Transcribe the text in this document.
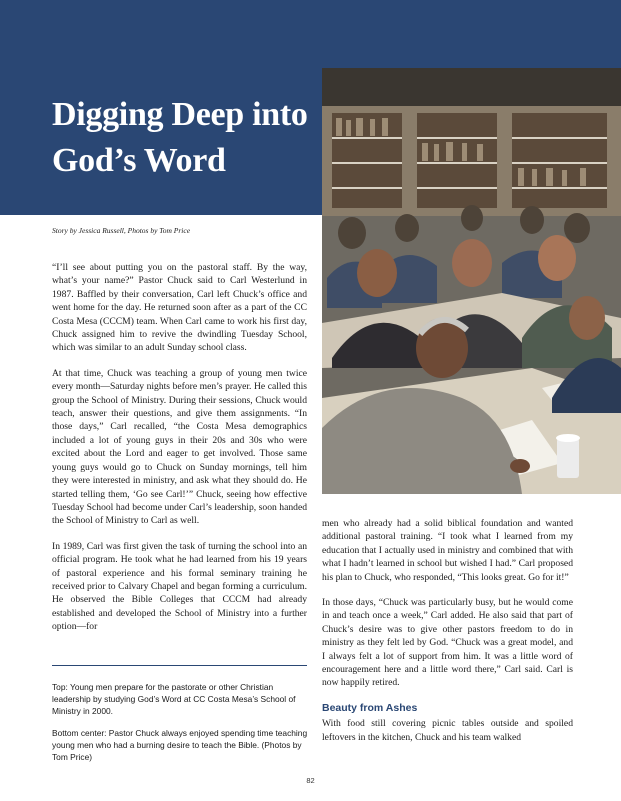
Digging Deep into God’s Word

Story by Jessica Russell, Photos by Tom Price

“I’ll see about putting you on the pastoral staff. By the way, what’s your name?” Pastor Chuck said to Carl Westerlund in 1987. Baffled by their conversation, Carl left Chuck’s office and went home for the day. He returned soon after as a part of the CC Costa Mesa (CCCM) team. When Carl came to work his first day, Chuck assigned him to revive the dwindling Tuesday School, which was similar to an adult Sunday school class.

At that time, Chuck was teaching a group of young men twice every month—Saturday nights before men’s prayer. He called this group the School of Ministry. During their sessions, Chuck would teach, answer their questions, and give them assignments. “In those days,” Carl recalled, “the Costa Mesa demographics included a lot of young guys in their 20s and 30s who were excited about the Lord and eager to get involved. Those same young guys would go to Chuck on Sunday mornings, tell him they were interested in ministry, and ask what they should do. He started telling them, ‘Go see Carl!’” Chuck, seeing how effective Tuesday School had become under Carl’s leadership, soon handed the School of Ministry to Carl as well.

In 1989, Carl was first given the task of turning the school into an official program. He took what he had learned from his 19 years of pastoral experience and his formal seminary training he received prior to Calvary Chapel and began forming a curriculum. He observed the Bible Colleges that CCCM had already established and developed the School of Ministry into a further option—for

Top: Young men prepare for the pastorate or other Christian leadership by studying God’s Word at CC Costa Mesa’s School of Ministry in 2000.

Bottom center: Pastor Chuck always enjoyed spending time teaching young men who had a burning desire to teach the Bible. (Photos by Tom Price)

men who already had a solid biblical foundation and wanted additional pastoral training. “I took what I learned from my education that I actually used in ministry and combined that with what I hadn’t learned in school but wished I had.” Carl proposed his plan to Chuck, who responded, “This looks great. Go for it!”

In those days, “Chuck was particularly busy, but he would come in and teach once a week,” Carl added. He also said that part of Chuck’s desire was to give other pastors freedom to do in ministry as they felt led by God. “Chuck was a great model, and I always felt a lot of support from him. It was a little word of encouragement here and a little word there,” Carl said. Carl is now happily retired.

Beauty from Ashes

With food still covering picnic tables outside and spoiled leftovers in the kitchen, Chuck and his team walked

82
